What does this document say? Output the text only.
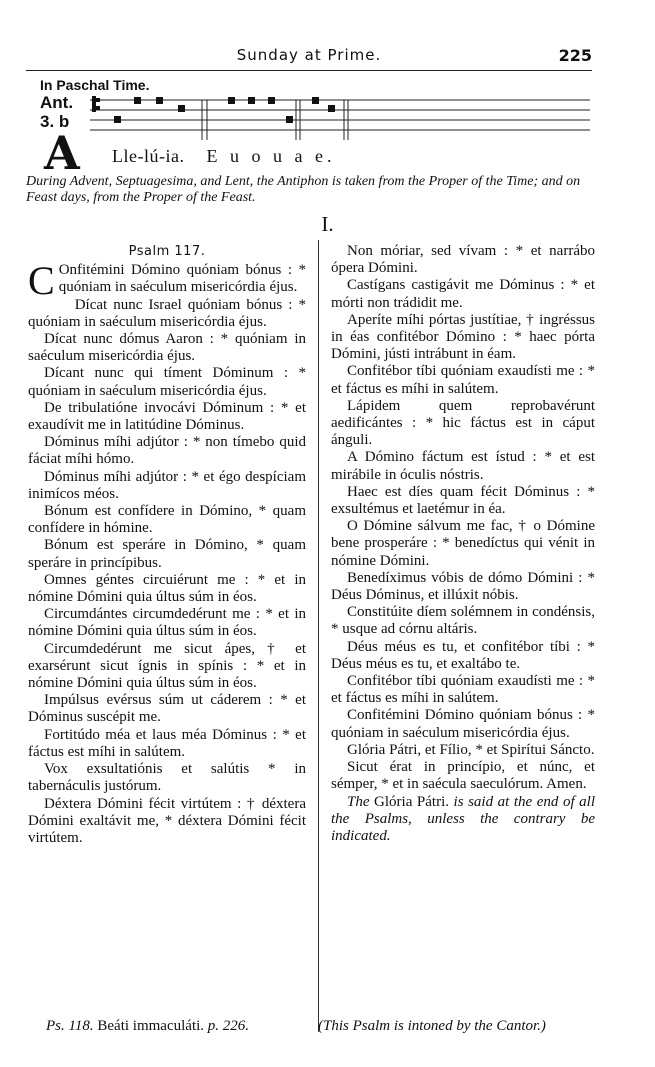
Sunday at Prime.	225
In Paschal Time.
Ant.
3. b
A Lle-lú-ia. E u o u a e.
During Advent, Septuagesima, and Lent, the Antiphon is taken from the Proper of the Time; and on Feast days, from the Proper of the Feast.
I.
Psalm 117.

C Onfitémini Dómino quóniam bónus : * quóniam in saéculum misericórdia éjus.

Dícat nunc Israel quóniam bónus : * quóniam in saéculum misericórdia éjus.

Dícat nunc dómus Aaron : * quóniam in saéculum misericórdia éjus.

Dícant nunc qui tíment Dóminum : * quóniam in saéculum misericórdia éjus.

De tribulatióne invocávi Dóminum : * et exaudívit me in latitúdine Dóminus.

Dóminus míhi adjútor : * non tímebo quid fáciat míhi hómo.

Dóminus míhi adjútor : * et égo despíciam inimícos méos.

Bónum est confídere in Dómino, * quam confídere in hómine.

Bónum est speráre in Dómino, * quam speráre in princípibus.

Omnes géntes circuiérunt me : * et in nómine Dómini quia últus súm in éos.

Circumdántes circumdedérunt me : * et in nómine Dómini quia últus súm in éos.

Circumdedérunt me sicut ápes, † et exarsérunt sicut ígnis in spínis : * et in nómine Dómini quia últus súm in éos.

Impúlsus evérsus súm ut cáderem : * et Dóminus suscépit me.

Fortitúdo méa et laus méa Dóminus : * et fáctus est míhi in salútem.

Vox exsultatiónis et salútis * in tabernáculis justórum.

Déxtera Dómini fécit virtútem : † déxtera Dómini exaltávit me, * déxtera Dómini fécit virtútem.

Non móriar, sed vívam : * et narrábo ópera Dómini.

Castígans castigávit me Dóminus : * et mórti non trádidit me.

Aperíte míhi pórtas justítiae, † ingréssus in éas confitébor Dómino : * haec pórta Dómini, jústi intrábunt in éam.

Confitébor tíbi quóniam exaudísti me : * et fáctus es míhi in salútem.

Lápidem quem reprobavérunt aedificántes : * hic fáctus est in cáput ánguli.

A Dómino fáctum est ístud : * et est mirábile in óculis nóstris.

Haec est díes quam fécit Dóminus : * exsultémus et laetémur in éa.

O Dómine sálvum me fac, † o Dómine bene prosperáre : * benedíctus qui vénit in nómine Dómini.

Benedíximus vóbis de dómo Dómini : * Déus Dóminus, et illúxit nóbis.

Constitúite díem solémnem in condénsis, * usque ad córnu altáris.

Déus méus es tu, et confitébor tíbi : * Déus méus es tu, et exaltábo te.

Confitébor tíbi quóniam exaudísti me : * et fáctus es míhi in salútem.

Confitémini Dómino quóniam bónus : * quóniam in saéculum misericórdia éjus.

Glória Pátri, et Fílio, * et Spirítui Sáncto.

Sicut érat in princípio, et núnc, et sémper, * et in saécula saeculórum. Amen.

The Glória Pátri. is said at the end of all the Psalms, unless the contrary be indicated.

Ps. 118. Beáti immaculáti. p. 226.	(This Psalm is intoned by the Cantor.)
